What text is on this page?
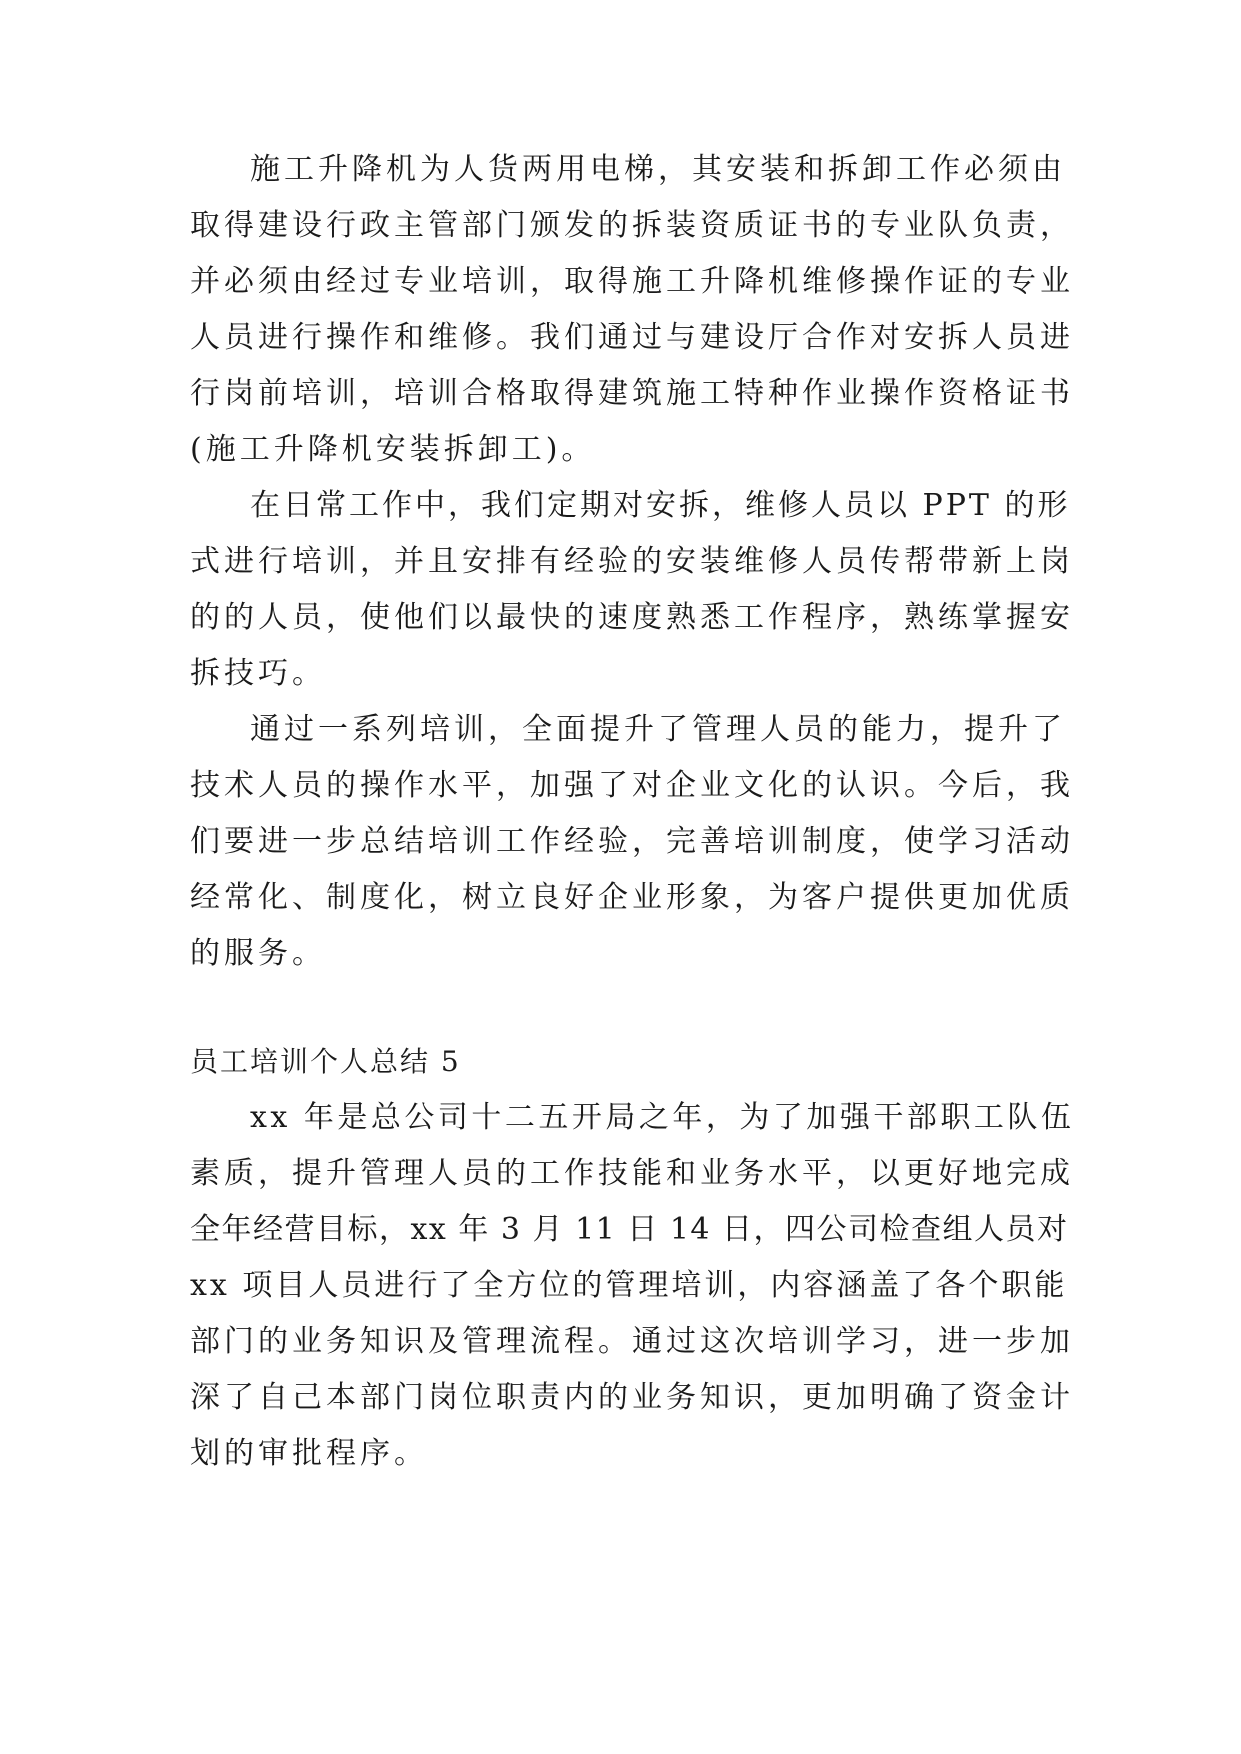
施工升降机为人货两用电梯，其安装和拆卸工作必须由
取得建设行政主管部门颁发的拆装资质证书的专业队负责，
并必须由经过专业培训，取得施工升降机维修操作证的专业
人员进行操作和维修。我们通过与建设厅合作对安拆人员进
行岗前培训，培训合格取得建筑施工特种作业操作资格证书
(施工升降机安装拆卸工)。
在日常工作中，我们定期对安拆，维修人员以 PPT 的形
式进行培训，并且安排有经验的安装维修人员传帮带新上岗
的的人员，使他们以最快的速度熟悉工作程序，熟练掌握安
拆技巧。
通过一系列培训，全面提升了管理人员的能力，提升了
技术人员的操作水平，加强了对企业文化的认识。今后，我
们要进一步总结培训工作经验，完善培训制度，使学习活动
经常化、制度化，树立良好企业形象，为客户提供更加优质
的服务。
员工培训个人总结 5
xx 年是总公司十二五开局之年，为了加强干部职工队伍
素质，提升管理人员的工作技能和业务水平，以更好地完成
全年经营目标，xx 年 3 月 11 日 14 日，四公司检查组人员对
xx 项目人员进行了全方位的管理培训，内容涵盖了各个职能
部门的业务知识及管理流程。通过这次培训学习，进一步加
深了自己本部门岗位职责内的业务知识，更加明确了资金计
划的审批程序。
